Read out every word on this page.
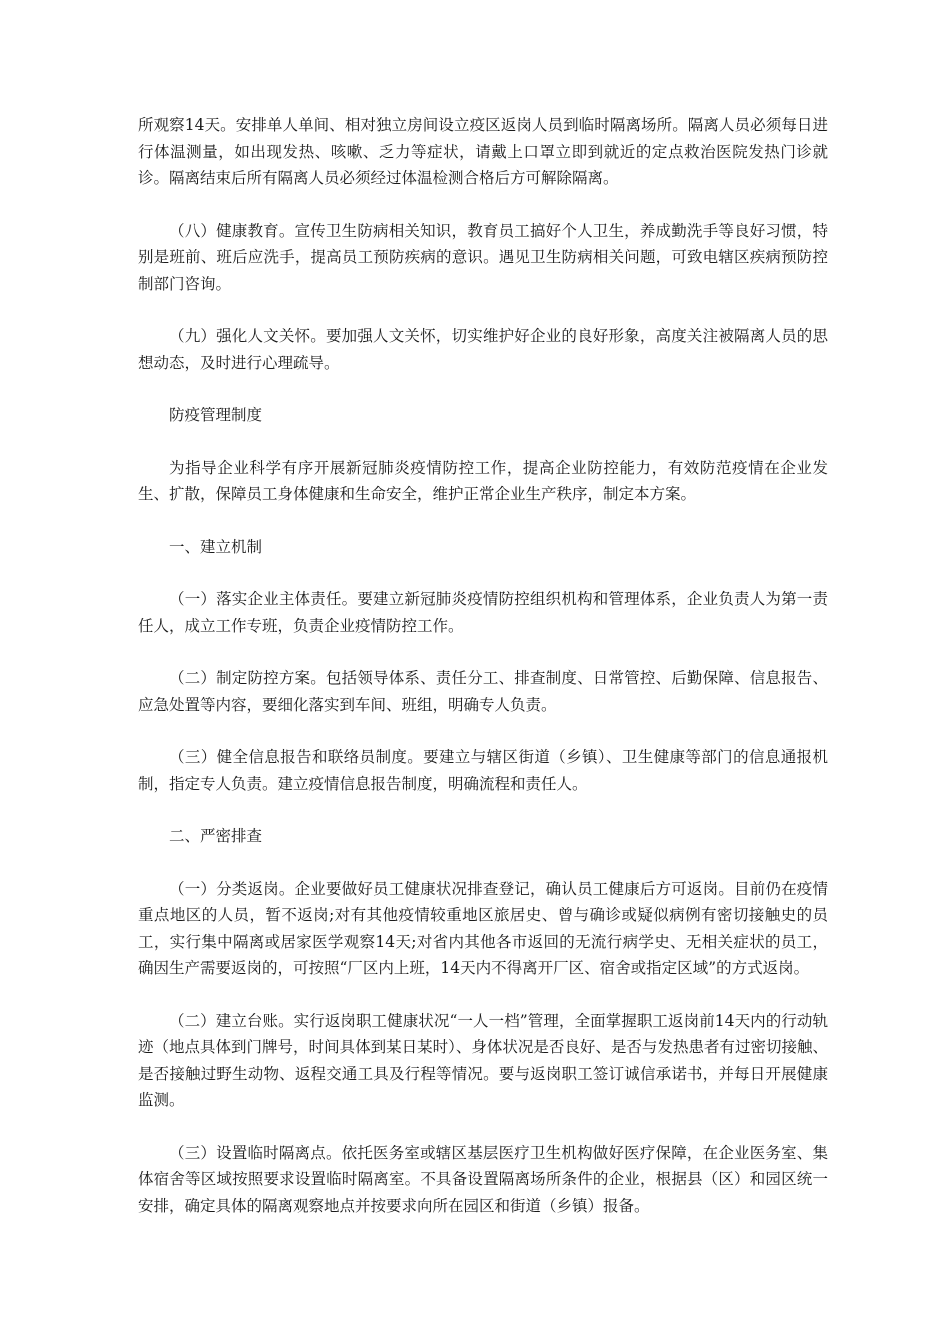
所观察14天。安排单人单间、相对独立房间设立疫区返岗人员到临时隔离场所。隔离人员必须每日进行体温测量，如出现发热、咳嗽、乏力等症状，请戴上口罩立即到就近的定点救治医院发热门诊就诊。隔离结束后所有隔离人员必须经过体温检测合格后方可解除隔离。

（八）健康教育。宣传卫生防病相关知识，教育员工搞好个人卫生，养成勤洗手等良好习惯，特别是班前、班后应洗手，提高员工预防疾病的意识。遇见卫生防病相关问题，可致电辖区疾病预防控制部门咨询。

（九）强化人文关怀。要加强人文关怀，切实维护好企业的良好形象，高度关注被隔离人员的思想动态，及时进行心理疏导。

防疫管理制度

为指导企业科学有序开展新冠肺炎疫情防控工作，提高企业防控能力，有效防范疫情在企业发生、扩散，保障员工身体健康和生命安全，维护正常企业生产秩序，制定本方案。

一、建立机制

（一）落实企业主体责任。要建立新冠肺炎疫情防控组织机构和管理体系，企业负责人为第一责任人，成立工作专班，负责企业疫情防控工作。

（二）制定防控方案。包括领导体系、责任分工、排查制度、日常管控、后勤保障、信息报告、应急处置等内容，要细化落实到车间、班组，明确专人负责。

（三）健全信息报告和联络员制度。要建立与辖区街道（乡镇）、卫生健康等部门的信息通报机制，指定专人负责。建立疫情信息报告制度，明确流程和责任人。

二、严密排查

（一）分类返岗。企业要做好员工健康状况排查登记，确认员工健康后方可返岗。目前仍在疫情重点地区的人员，暂不返岗;对有其他疫情较重地区旅居史、曾与确诊或疑似病例有密切接触史的员工，实行集中隔离或居家医学观察14天;对省内其他各市返回的无流行病学史、无相关症状的员工，确因生产需要返岗的，可按照“厂区内上班，14天内不得离开厂区、宿舍或指定区域”的方式返岗。

（二）建立台账。实行返岗职工健康状况“一人一档”管理，全面掌握职工返岗前14天内的行动轨迹（地点具体到门牌号，时间具体到某日某时）、身体状况是否良好、是否与发热患者有过密切接触、是否接触过野生动物、返程交通工具及行程等情况。要与返岗职工签订诚信承诺书，并每日开展健康监测。

（三）设置临时隔离点。依托医务室或辖区基层医疗卫生机构做好医疗保障，在企业医务室、集体宿舍等区域按照要求设置临时隔离室。不具备设置隔离场所条件的企业，根据县（区）和园区统一安排，确定具体的隔离观察地点并按要求向所在园区和街道（乡镇）报备。
